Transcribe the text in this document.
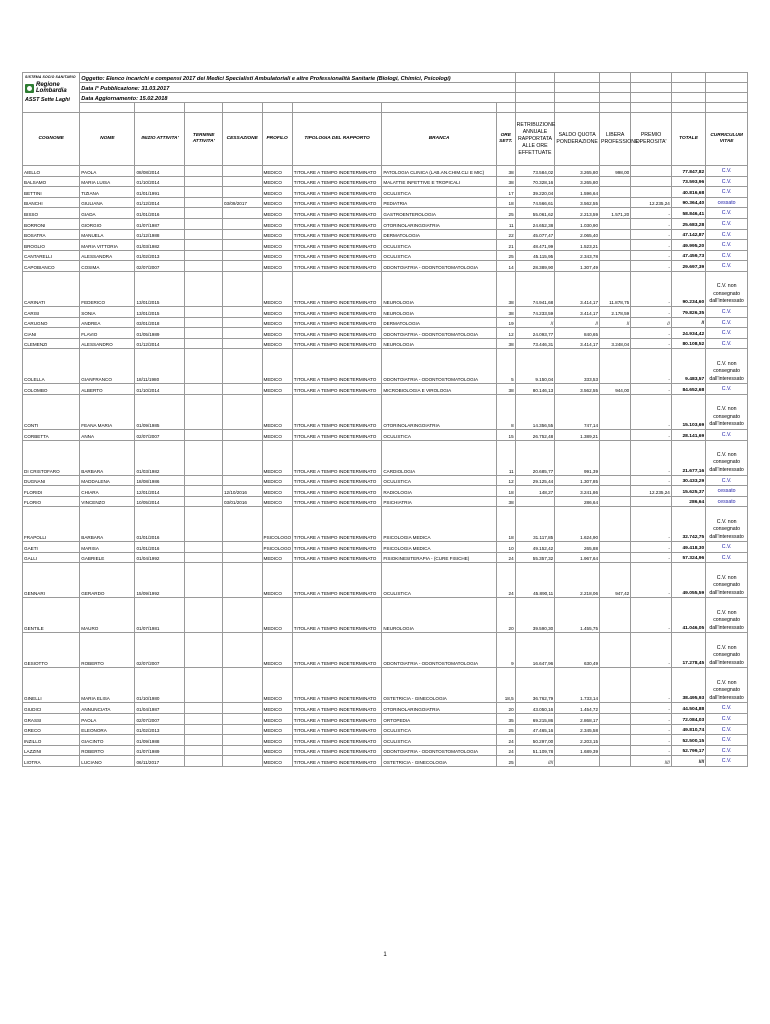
SISTEMA SOCIO SANITARIO
Regione Lombardia
ASST Sette Laghi	Oggetto: Elenco incarichi e compensi 2017 dei Medici Specialisti Ambulatoriali e altre Professionalità Sanitarie (Biologi, Chimici, Psicologi)													
	Data I° Pubblicazione: 31.03.2017													
	Data Aggiornamento: 15.02.2018													

COGNOME	NOME	INIZIO ATTIVITA'	TERMINE ATTIVITA'	CESSAZIONE	PROFILO	TIPOLOGIA DEL RAPPORTO	BRANCA	ORE SETT.	RETRIBUZIONE ANNUALE RAPPORTATA ALLE ORE EFFETTUATE	SALDO QUOTA PONDERAZIONE	LIBERA PROFESSIONE	PREMIO OPEROSITA'	TOTALE	CURRICULUM VITAE
AIELLO	PAOLA	08/08/2014			MEDICO	TITOLARE A TEMPO INDETERMINATO	PATOLOGIA CLINICA (LAB.AN.CHIM.CLI E MIC)	38	73.584,02	3.265,80	998,00		77.847,82	C.V.
BALSAMO	MARIA LUISA	01/10/2014			MEDICO	TITOLARE A TEMPO INDETERMINATO	MALATTIE INFETTIVE E TROPICALI	38	70.328,16	3.265,80			73.593,96	C.V.
BETTINI	TIZIANA	01/01/1991			MEDICO	TITOLARE A TEMPO INDETERMINATO	OCULISTICA	17	39.220,04	1.596,64			40.816,68	C.V.
BIANCHI	GIULIANA	01/12/2014		03/09/2017	MEDICO	TITOLARE A TEMPO INDETERMINATO	PEDIATRIA	18	74.566,61	3.562,55		12.235,24	90.364,40	cessato
BISSO	GIADA	01/01/2016			MEDICO	TITOLARE A TEMPO INDETERMINATO	GASTROENTEROLOGIA	25	55.061,62	2.213,59	1.571,20	-	58.846,41	C.V.
BORRONI	GIORGIO	01/07/1987			MEDICO	TITOLARE A TEMPO INDETERMINATO	OTORINOLARINGOIATRIA	11	24.652,38	1.030,90		-	25.683,28	C.V.
BOSATRA	MANUELA	01/12/1988			MEDICO	TITOLARE A TEMPO INDETERMINATO	DERMATOLOGIA	22	45.077,47	2.065,40		-	47.142,87	C.V.
BROGLIO	MARIA VITTORIA	01/03/1982			MEDICO	TITOLARE A TEMPO INDETERMINATO	OCULISTICA	21	48.471,99	1.523,21		-	49.995,20	C.V.
CANTARELLI	ALESSANDRA	01/02/2013			MEDICO	TITOLARE A TEMPO INDETERMINATO	OCULISTICA	25	45.115,95	2.343,78		-	47.459,73	C.V.
CAPOBIANCO	COSIMA	02/07/2007			MEDICO	TITOLARE A TEMPO INDETERMINATO	ODONTOIATRIA - ODONTOSTOMATOLOGIA	14	28.389,90	1.307,49		-	29.697,39	C.V.
CARINATI	FEDERICO	13/01/2015			MEDICO	TITOLARE A TEMPO INDETERMINATO	NEUROLOGIA	38	74.941,68	3.414,17	11.878,75	-	90.234,60	C.V. non consegnato dall'interessato
CARISI	SONIA	13/01/2015			MEDICO	TITOLARE A TEMPO INDETERMINATO	NEUROLOGIA	38	74.233,59	3.414,17	2.178,59	-	79.826,35	C.V.
CARUGNO	ANDREA	03/01/2018			MEDICO	TITOLARE A TEMPO INDETERMINATO	DERMATOLOGIA	19	//	//	//	//	//	C.V.
CIANI	FLAVIO	01/05/1989			MEDICO	TITOLARE A TEMPO INDETERMINATO	ODONTOIATRIA - ODONTOSTOMATOLOGIA	12	24.093,77	840,65		-	24.934,42	C.V.
CLEMENZI	ALESSANDRO	01/12/2014			MEDICO	TITOLARE A TEMPO INDETERMINATO	NEUROLOGIA	38	73.446,31	3.414,17	3.248,04	-	80.108,52	C.V.
COLELLA	GIANFRANCO	18/11/1980			MEDICO	TITOLARE A TEMPO INDETERMINATO	ODONTOIATRIA - ODONTOSTOMATOLOGIA	5	9.150,04	333,53		-	9.483,57	C.V. non consegnato dall'interessato
COLOMBO	ALBERTO	01/10/2014			MEDICO	TITOLARE A TEMPO INDETERMINATO	MICROBIOLOGIA E VIROLOGIA	38	80.146,13	3.562,55	944,00	-	84.652,68	C.V.
CONTI	FEANA MARIA	01/09/1985			MEDICO	TITOLARE A TEMPO INDETERMINATO	OTORINOLARINGOIATRIA	8	14.356,55	747,14		-	15.103,69	C.V. non consegnato dall'interessato
CORBETTA	ANNA	02/07/2007			MEDICO	TITOLARE A TEMPO INDETERMINATO	OCULISTICA	15	26.752,48	1.389,21		-	28.141,69	C.V.
DI CRISTOFARO	BARBARA	01/03/1982			MEDICO	TITOLARE A TEMPO INDETERMINATO	CARDIOLOGIA	11	20.685,77	991,39		-	21.677,16	C.V. non consegnato dall'interessato
DUGNANI	MADDALENA	18/08/1986			MEDICO	TITOLARE A TEMPO INDETERMINATO	OCULISTICA	12	29.125,44	1.307,85		-	30.433,29	C.V.
FLORIDI	CHIARA	12/01/2014		12/10/2016	MEDICO	TITOLARE A TEMPO INDETERMINATO	RADIOLOGIA	18	148,27	3.241,86		12.235,24	15.625,37	cessato
FLORIO	VINCENZO	10/05/2014		03/01/2016	MEDICO	TITOLARE A TEMPO INDETERMINATO	PSICHIATRIA	38		286,64			286,64	cessato
FRAPOLLI	BARBARA	01/01/2016			PSICOLOGO	TITOLARE A TEMPO INDETERMINATO	PSICOLOGIA MEDICA	18	31.117,85	1.624,90		-	32.742,75	C.V. non consegnato dall'interessato
GAETI	MARISA	01/01/2016			PSICOLOGO	TITOLARE A TEMPO INDETERMINATO	PSICOLOGIA MEDICA	10	49.152,42	265,88		-	49.418,30	C.V.
GALLI	GABRIELE	01/04/1992			MEDICO	TITOLARE A TEMPO INDETERMINATO	FISIOKINESITERAPIA - (CURE FISICHE)	24	55.357,32	1.967,64		-	57.324,96	C.V.
GENNARI	GERARDO	15/09/1992			MEDICO	TITOLARE A TEMPO INDETERMINATO	OCULISTICA	24	45.890,11	2.218,06	947,42	-	49.055,59	C.V. non consegnato dall'interessato
GENTILE	MAURO	01/07/1981			MEDICO	TITOLARE A TEMPO INDETERMINATO	NEUROLOGIA	20	39.590,30	1.455,75		-	41.046,05	C.V. non consegnato dall'interessato
GESIOTTO	ROBERTO	02/07/2007			MEDICO	TITOLARE A TEMPO INDETERMINATO	ODONTOIATRIA - ODONTOSTOMATOLOGIA	9	16.647,96	630,49		-	17.278,45	C.V. non consegnato dall'interessato
GINELLI	MARIA ELISA	01/10/1980			MEDICO	TITOLARE A TEMPO INDETERMINATO	OSTETRICIA - GINECOLOGIA	18,5	36.762,79	1.733,14		-	38.495,93	C.V. non consegnato dall'interessato
GIUDICI	ANNUNCIATA	01/04/1987			MEDICO	TITOLARE A TEMPO INDETERMINATO	OTORINOLARINGOIATRIA	20	43.050,16	1.454,72		-	44.504,88	C.V.
GRASSI	PAOLA	02/07/2007			MEDICO	TITOLARE A TEMPO INDETERMINATO	ORTOPEDIA	35	69.215,86	2.868,17		-	72.084,03	C.V.
GRECO	ELEONORA	01/02/2013			MEDICO	TITOLARE A TEMPO INDETERMINATO	OCULISTICA	25	47.465,16	2.345,58		-	49.810,74	C.V.
INZILLO	GIACINTO	01/09/1988			MEDICO	TITOLARE A TEMPO INDETERMINATO	OCULISTICA	24	50.297,00	2.203,15		-	52.500,15	C.V.
LAZZINI	ROBERTO	01/07/1989			MEDICO	TITOLARE A TEMPO INDETERMINATO	ODONTOIATRIA - ODONTOSTOMATOLOGIA	24	51.109,78	1.689,39		-	52.799,17	C.V.
LIOTRA	LUCIANO	06/11/2017			MEDICO	TITOLARE A TEMPO INDETERMINATO	OSTETRICIA - GINECOLOGIA	25	////			////	////	C.V.
1
